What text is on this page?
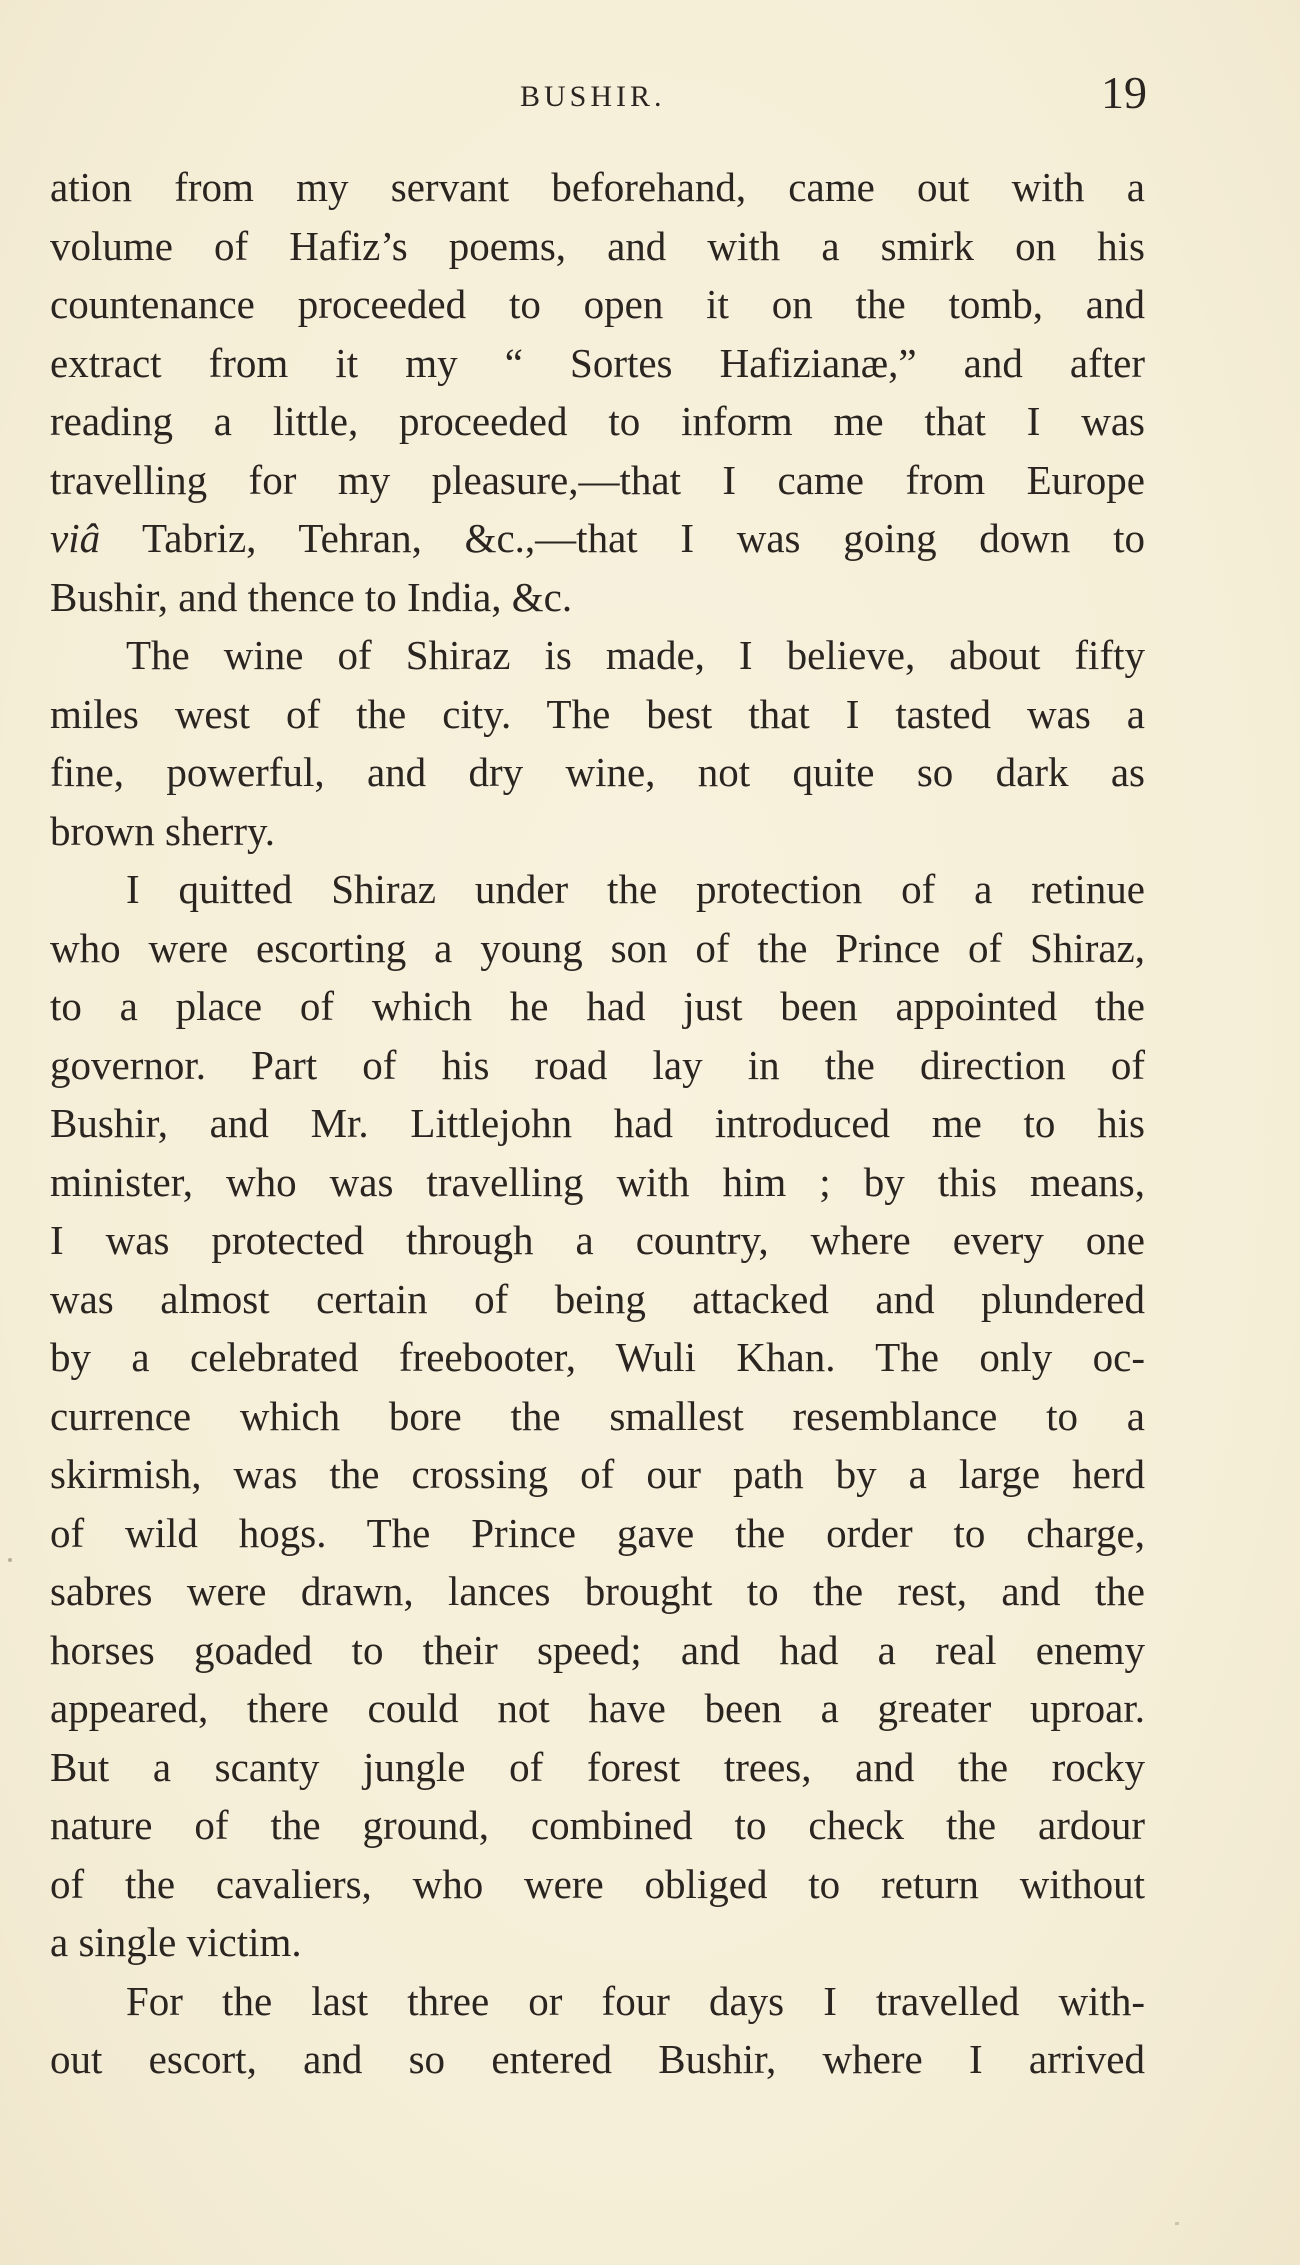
BUSHIR.	19
ation from my servant beforehand, came out with a
volume of Hafiz’s poems, and with a smirk on his
countenance proceeded to open it on the tomb, and
extract from it my “ Sortes Hafizianæ,” and after
reading a little, proceeded to inform me that I was
travelling for my pleasure,—that I came from Europe
viâ Tabriz, Tehran, &c.,—that I was going down to
Bushir, and thence to India, &c.
The wine of Shiraz is made, I believe, about fifty
miles west of the city. The best that I tasted was a
fine, powerful, and dry wine, not quite so dark as
brown sherry.
I quitted Shiraz under the protection of a retinue
who were escorting a young son of the Prince of Shiraz,
to a place of which he had just been appointed the
governor. Part of his road lay in the direction of
Bushir, and Mr. Littlejohn had introduced me to his
minister, who was travelling with him ; by this means,
I was protected through a country, where every one
was almost certain of being attacked and plundered
by a celebrated freebooter, Wuli Khan. The only oc-
currence which bore the smallest resemblance to a
skirmish, was the crossing of our path by a large herd
of wild hogs. The Prince gave the order to charge,
sabres were drawn, lances brought to the rest, and the
horses goaded to their speed; and had a real enemy
appeared, there could not have been a greater uproar.
But a scanty jungle of forest trees, and the rocky
nature of the ground, combined to check the ardour
of the cavaliers, who were obliged to return without
a single victim.
For the last three or four days I travelled with-
out escort, and so entered Bushir, where I arrived
